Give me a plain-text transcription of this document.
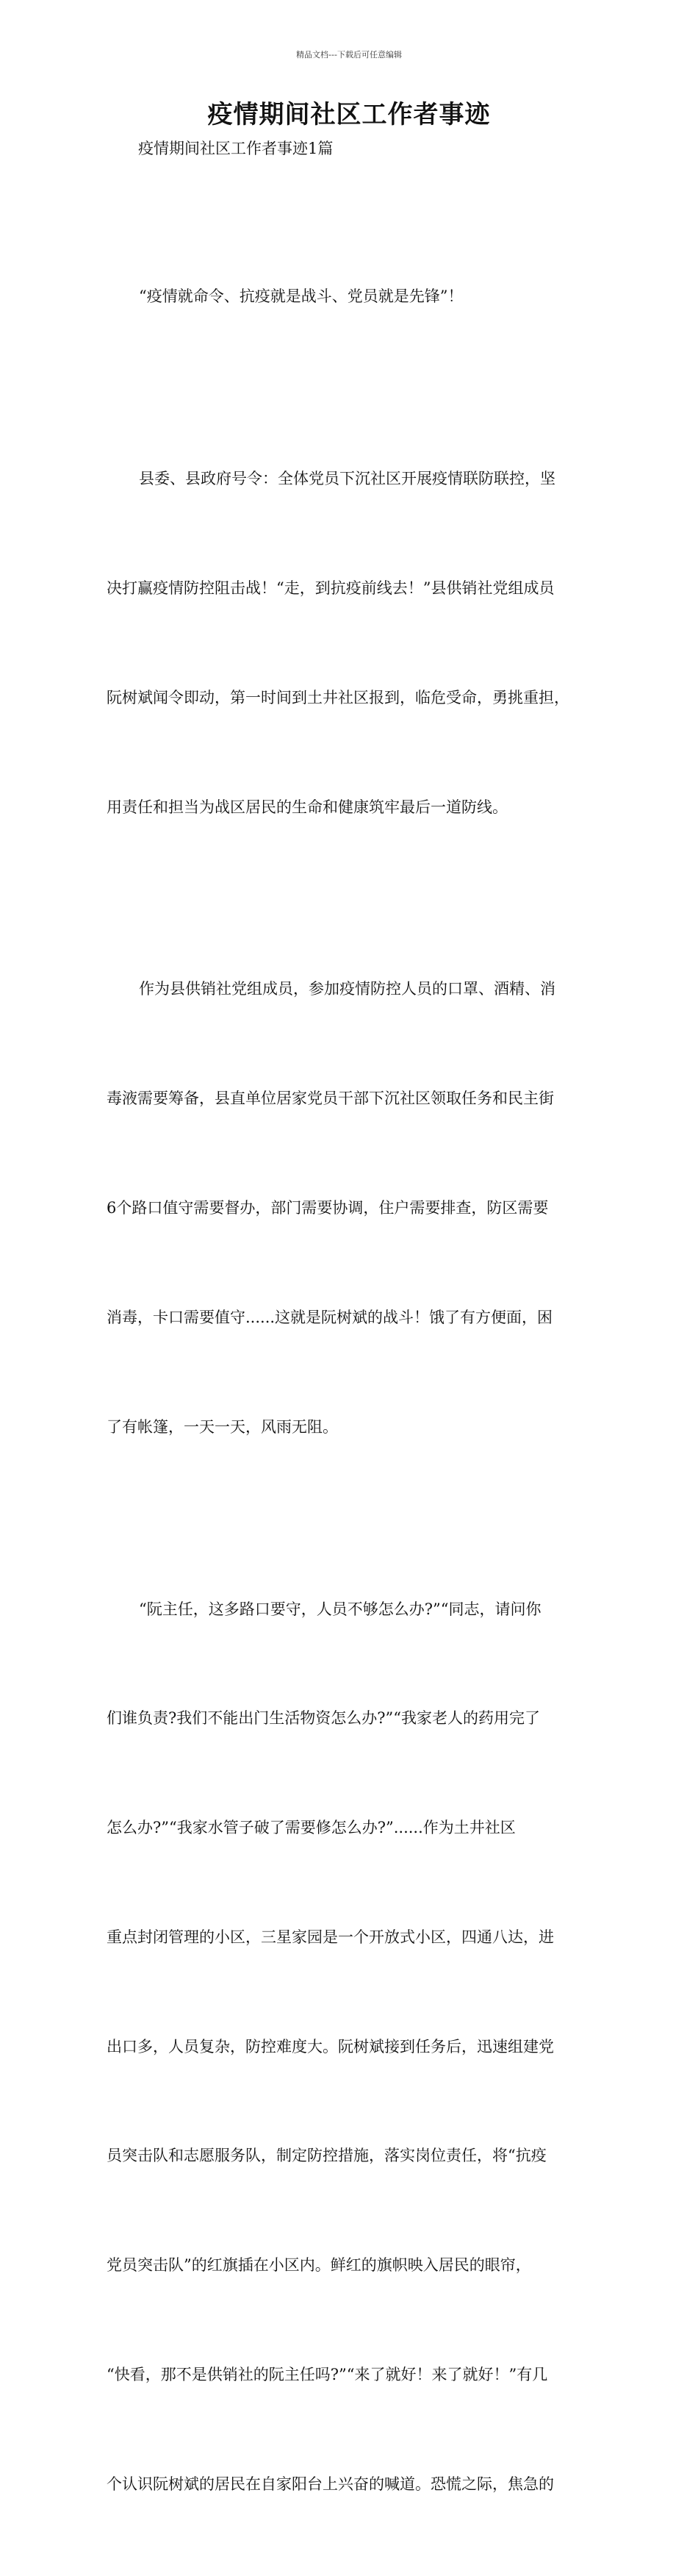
精品文档---下载后可任意编辑
疫情期间社区工作者事迹

疫情期间社区工作者事迹1篇

“疫情就命令、抗疫就是战斗、党员就是先锋”！

县委、县政府号令：全体党员下沉社区开展疫情联防联控，坚

决打赢疫情防控阻击战！“走，到抗疫前线去！”县供销社党组成员

阮树斌闻令即动，第一时间到土井社区报到，临危受命，勇挑重担，

用责任和担当为战区居民的生命和健康筑牢最后一道防线。

作为县供销社党组成员，参加疫情防控人员的口罩、酒精、消

毒液需要筹备，县直单位居家党员干部下沉社区领取任务和民主街

6个路口值守需要督办，部门需要协调，住户需要排查，防区需要

消毒，卡口需要值守......这就是阮树斌的战斗！饿了有方便面，困

了有帐篷，一天一天，风雨无阻。

“阮主任，这多路口要守，人员不够怎么办?”“同志，请问你

们谁负责?我们不能出门生活物资怎么办?”“我家老人的药用完了

怎么办?”“我家水管子破了需要修怎么办?”......作为土井社区

重点封闭管理的小区，三星家园是一个开放式小区，四通八达，进

出口多，人员复杂，防控难度大。阮树斌接到任务后，迅速组建党

员突击队和志愿服务队，制定防控措施，落实岗位责任，将“抗疫

党员突击队”的红旗插在小区内。鲜红的旗帜映入居民的眼帘，

“快看，那不是供销社的阮主任吗?”“来了就好！来了就好！”有几

个认识阮树斌的居民在自家阳台上兴奋的喊道。恐慌之际，焦急的
